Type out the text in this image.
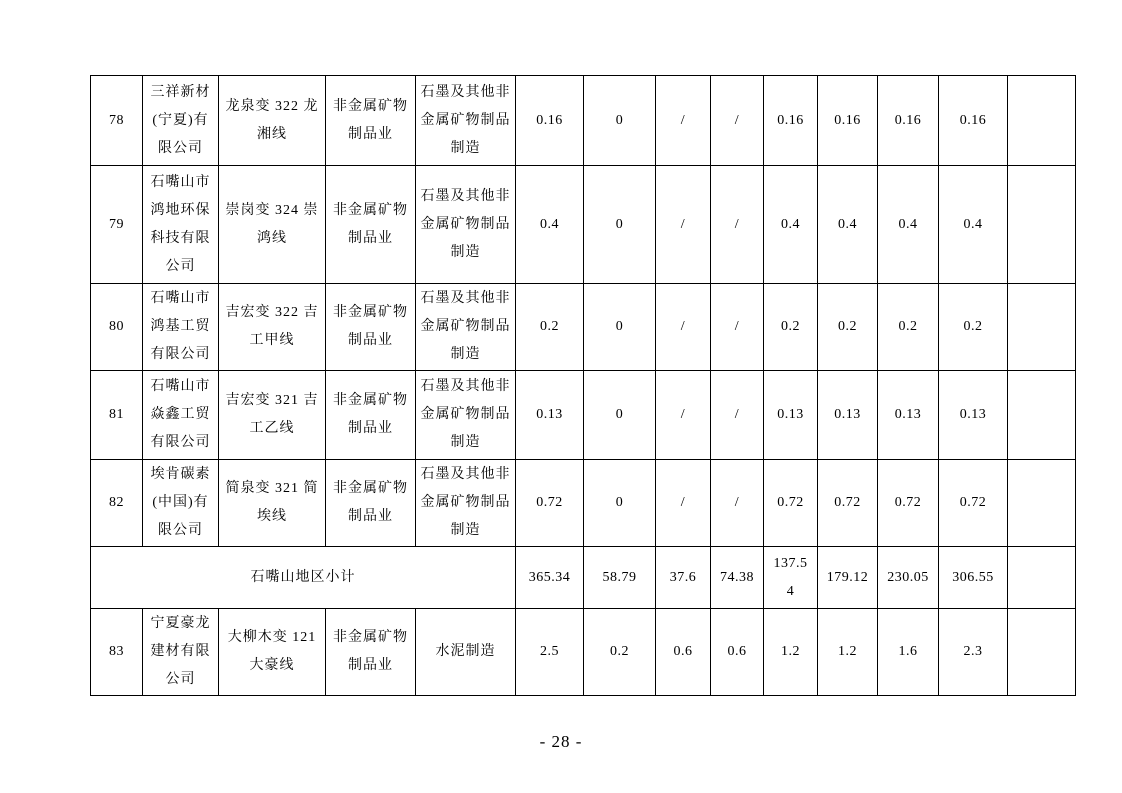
78	三祥新材(宁夏)有限公司	龙泉变 322 龙湘线	非金属矿物制品业	石墨及其他非金属矿物制品制造	0.16	0	/	/	0.16	0.16	0.16	0.16	
79	石嘴山市鸿地环保科技有限公司	崇岗变 324 崇鸿线	非金属矿物制品业	石墨及其他非金属矿物制品制造	0.4	0	/	/	0.4	0.4	0.4	0.4	
80	石嘴山市鸿基工贸有限公司	吉宏变 322 吉工甲线	非金属矿物制品业	石墨及其他非金属矿物制品制造	0.2	0	/	/	0.2	0.2	0.2	0.2	
81	石嘴山市焱鑫工贸有限公司	吉宏变 321 吉工乙线	非金属矿物制品业	石墨及其他非金属矿物制品制造	0.13	0	/	/	0.13	0.13	0.13	0.13	
82	埃肯碳素(中国)有限公司	简泉变 321 简埃线	非金属矿物制品业	石墨及其他非金属矿物制品制造	0.72	0	/	/	0.72	0.72	0.72	0.72	
石嘴山地区小计					365.34	58.79	37.6	74.38	137.54	179.12	230.05	306.55	
83	宁夏豪龙建材有限公司	大柳木变 121 大豪线	非金属矿物制品业	水泥制造	2.5	0.2	0.6	0.6	1.2	1.2	1.6	2.3	
- 28 -
